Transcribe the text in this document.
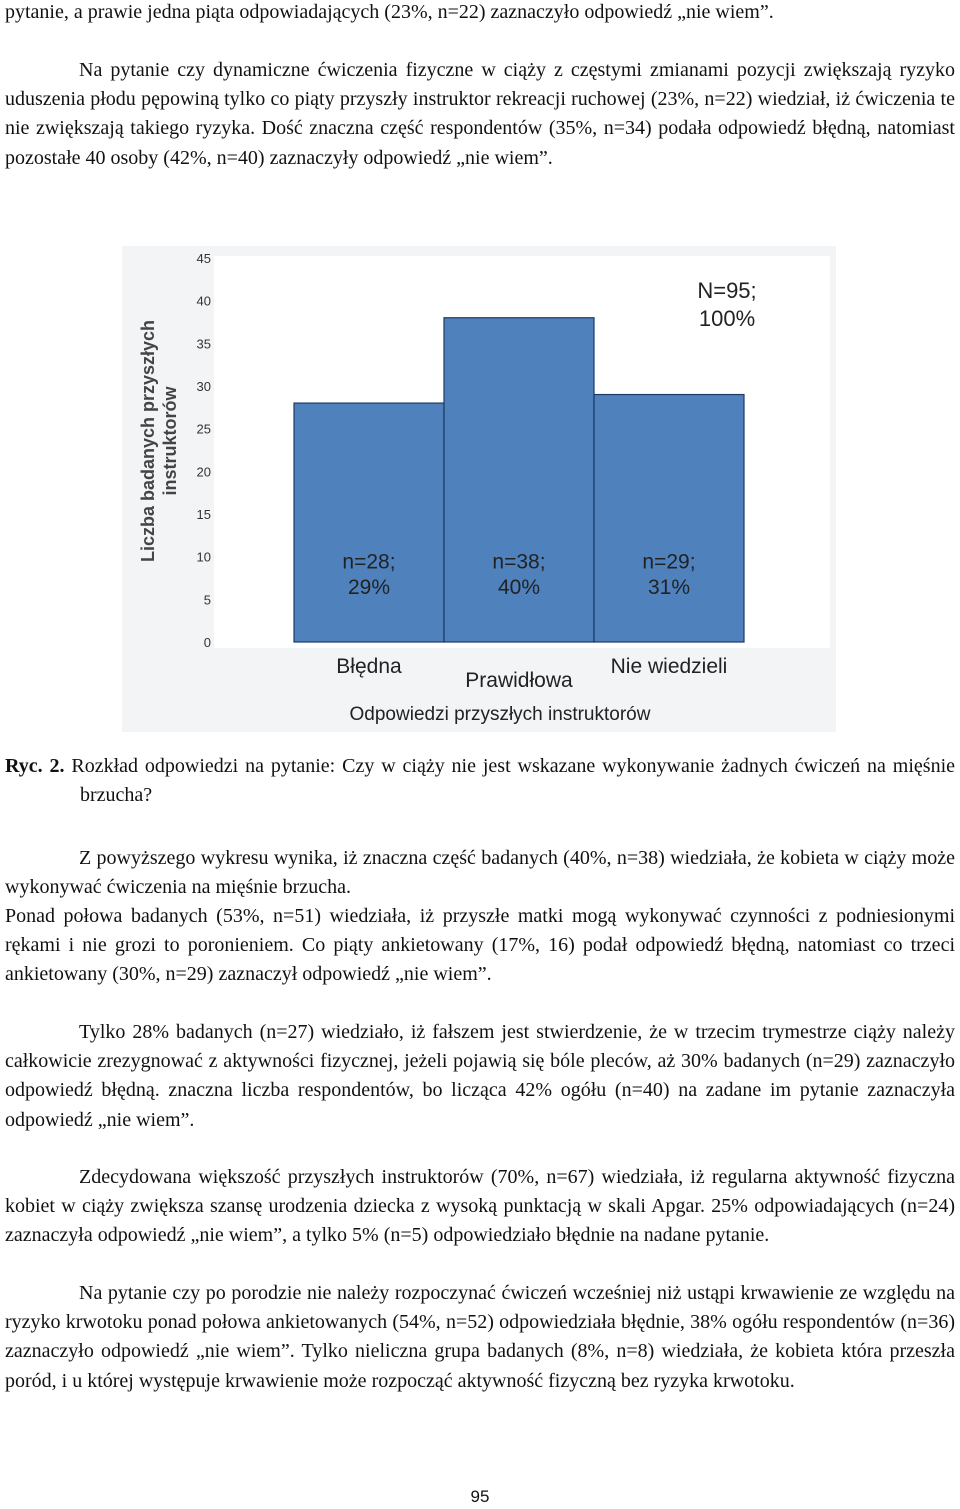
pytanie, a prawie jedna piąta odpowiadających (23%, n=22) zaznaczyło odpowiedź „nie wiem”.

Na pytanie czy dynamiczne ćwiczenia fizyczne w ciąży z częstymi zmianami pozycji zwiększają ryzyko uduszenia płodu pępowiną tylko co piąty przyszły instruktor rekreacji ruchowej (23%, n=22) wiedział, iż ćwiczenia te nie zwiększają takiego ryzyka. Dość znaczna część respondentów (35%, n=34) podała odpowiedź błędną, natomiast pozostałe 40 osoby (42%, n=40) zaznaczyły odpowiedź „nie wiem”.

0
5
10
15
20
25
30
35
40
45
n=28;
29%
n=38;
40%
n=29;
31%
Błędna
Prawidłowa
Nie wiedzieli
N=95;
100%
Liczba badanych przyszłych instruktorów
Odpowiedzi przyszłych instruktorów

Ryc. 2. Rozkład odpowiedzi na pytanie: Czy w ciąży nie jest wskazane wykonywanie żadnych ćwiczeń na mięśnie brzucha?

Z powyższego wykresu wynika, iż znaczna część badanych (40%, n=38) wiedziała, że kobieta w ciąży może wykonywać ćwiczenia na mięśnie brzucha.

Ponad połowa badanych (53%, n=51) wiedziała, iż przyszłe matki mogą wykonywać czynności z podniesionymi rękami i nie grozi to poronieniem. Co piąty ankietowany (17%, 16) podał odpowiedź błędną, natomiast co trzeci ankietowany (30%, n=29) zaznaczył odpowiedź „nie wiem”.

Tylko 28% badanych (n=27) wiedziało, iż fałszem jest stwierdzenie, że w trzecim trymestrze ciąży należy całkowicie zrezygnować z aktywności fizycznej, jeżeli pojawią się bóle pleców, aż 30% badanych (n=29) zaznaczyło odpowiedź błędną. znaczna liczba respondentów, bo licząca 42% ogółu (n=40) na zadane im pytanie zaznaczyła odpowiedź „nie wiem”.

Zdecydowana większość przyszłych instruktorów (70%, n=67) wiedziała, iż regularna aktywność fizyczna kobiet w ciąży zwiększa szansę urodzenia dziecka z wysoką punktacją w skali Apgar. 25% odpowiadających (n=24) zaznaczyła odpowiedź „nie wiem”, a tylko 5% (n=5) odpowiedziało błędnie na nadane pytanie.

Na pytanie czy po porodzie nie należy rozpoczynać ćwiczeń wcześniej niż ustąpi krwawienie ze względu na ryzyko krwotoku ponad połowa ankietowanych (54%, n=52) odpowiedziała błędnie, 38% ogółu respondentów (n=36) zaznaczyło odpowiedź „nie wiem”. Tylko nieliczna grupa badanych (8%, n=8) wiedziała, że kobieta która przeszła poród, i u której występuje krwawienie może rozpocząć aktywność fizyczną bez ryzyka krwotoku.

95
